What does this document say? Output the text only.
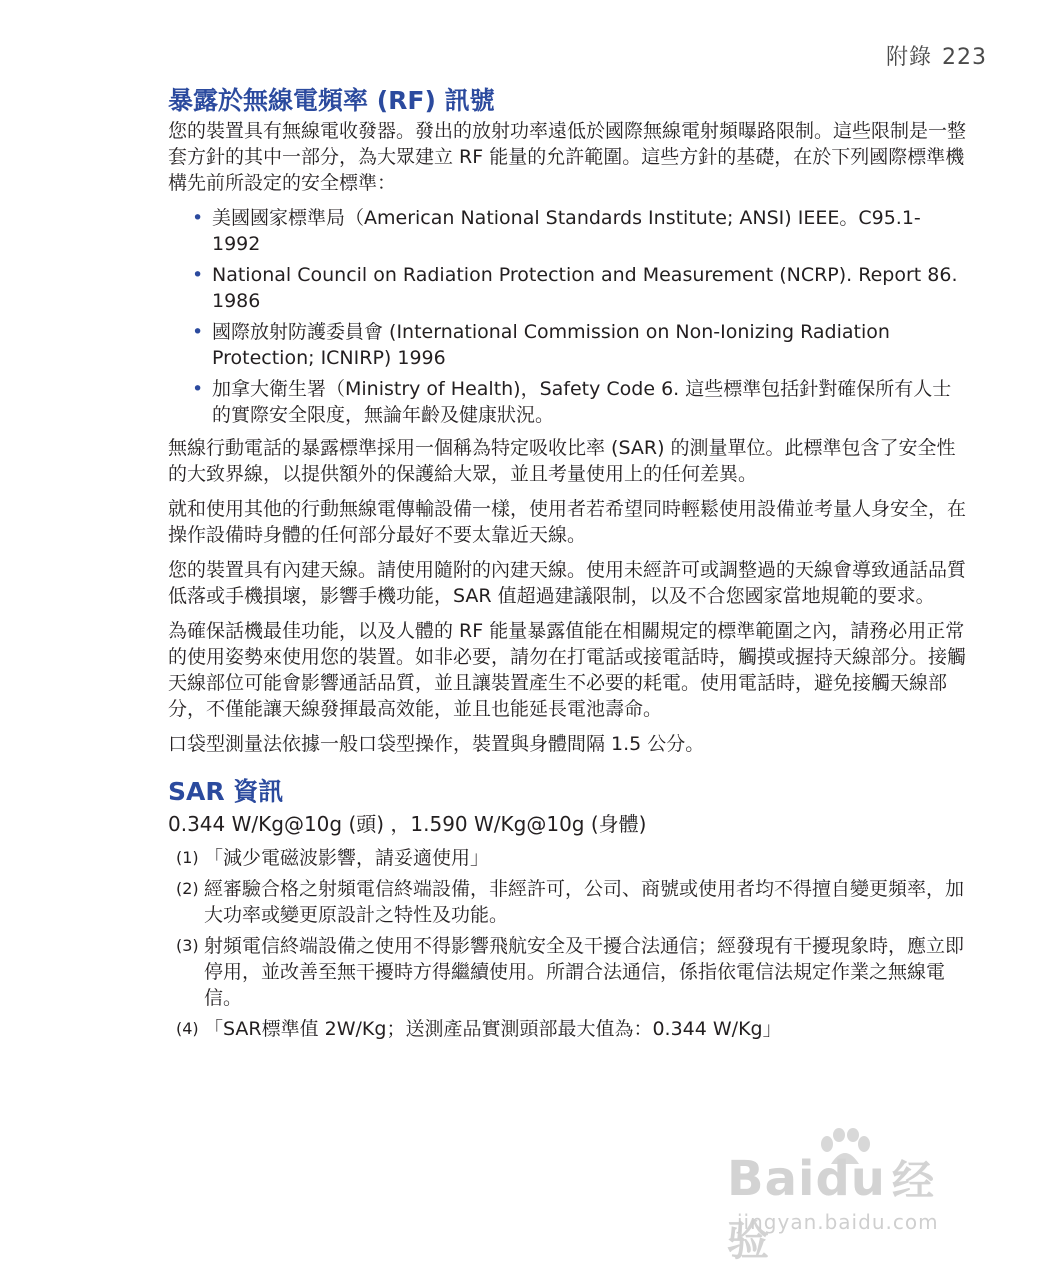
附錄 223
暴露於無線電頻率 (RF) 訊號

您的裝置具有無線電收發器。發出的放射功率遠低於國際無線電射頻曝路限制。這些限制是一整套方針的其中一部分，為大眾建立 RF 能量的允許範圍。這些方針的基礎，在於下列國際標準機構先前所設定的安全標準：

• 美國國家標準局（American National Standards Institute; ANSI) IEEE。C95.1-1992
• National Council on Radiation Protection and Measurement (NCRP). Report 86. 1986
• 國際放射防護委員會 (International Commission on Non-Ionizing Radiation Protection; ICNIRP) 1996
• 加拿大衛生署（Ministry of Health)，Safety Code 6. 這些標準包括針對確保所有人士的實際安全限度，無論年齡及健康狀況。

無線行動電話的暴露標準採用一個稱為特定吸收比率 (SAR) 的測量單位。此標準包含了安全性的大致界線，以提供額外的保護給大眾，並且考量使用上的任何差異。

就和使用其他的行動無線電傳輸設備一樣，使用者若希望同時輕鬆使用設備並考量人身安全，在操作設備時身體的任何部分最好不要太靠近天線。

您的裝置具有內建天線。請使用隨附的內建天線。使用未經許可或調整過的天線會導致通話品質低落或手機損壞，影響手機功能，SAR 值超過建議限制，以及不合您國家當地規範的要求。

為確保話機最佳功能，以及人體的 RF 能量暴露值能在相關規定的標準範圍之內，請務必用正常的使用姿勢來使用您的裝置。如非必要，請勿在打電話或接電話時，觸摸或握持天線部分。接觸天線部位可能會影響通話品質，並且讓裝置產生不必要的耗電。使用電話時，避免接觸天線部分，不僅能讓天線發揮最高效能，並且也能延長電池壽命。

口袋型測量法依據一般口袋型操作，裝置與身體間隔 1.5 公分。

SAR 資訊
0.344 W/Kg@10g (頭) ，1.590 W/Kg@10g (身體)
(1) 「減少電磁波影響，請妥適使用」
(2) 經審驗合格之射頻電信終端設備，非經許可，公司、商號或使用者均不得擅自變更頻率，加大功率或變更原設計之特性及功能。
(3) 射頻電信終端設備之使用不得影響飛航安全及干擾合法通信；經發現有干擾現象時，應立即停用，並改善至無干擾時方得繼續使用。所謂合法通信，係指依電信法規定作業之無線電信。
(4) 「SAR標準值 2W/Kg；送測產品實測頭部最大值為：0.344 W/Kg」
Baidu 经验
jingyan.baidu.com
